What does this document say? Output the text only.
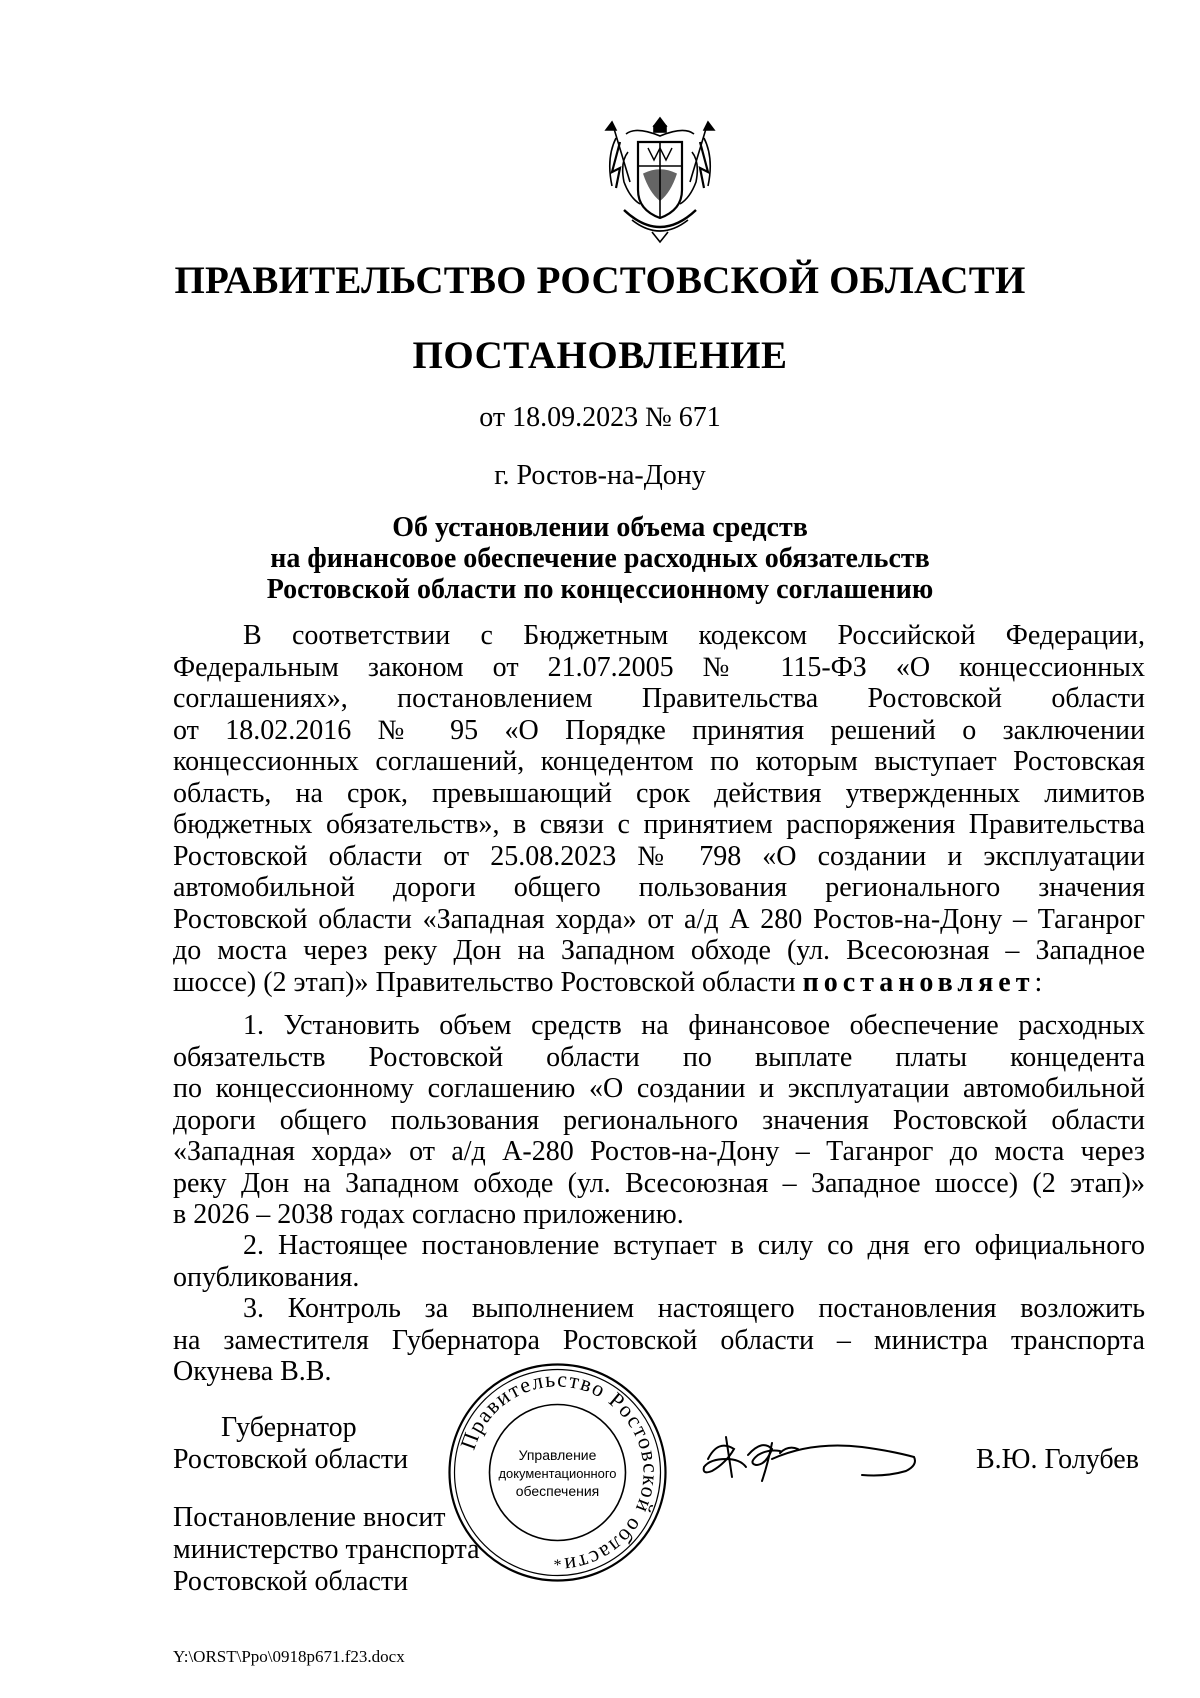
ПРАВИТЕЛЬСТВО РОСТОВСКОЙ ОБЛАСТИ
ПОСТАНОВЛЕНИЕ
от 18.09.2023 № 671
г. Ростов-на-Дону
Об установлении объема средств
на финансовое обеспечение расходных обязательств
Ростовской области по концессионному соглашению
В соответствии с Бюджетным кодексом Российской Федерации,
Федеральным законом от 21.07.2005 № 115-ФЗ «О концессионных
соглашениях», постановлением Правительства Ростовской области
от 18.02.2016 № 95 «О Порядке принятия решений о заключении
концессионных соглашений, концедентом по которым выступает Ростовская
область, на срок, превышающий срок действия утвержденных лимитов
бюджетных обязательств», в связи с принятием распоряжения Правительства
Ростовской области от 25.08.2023 № 798 «О создании и эксплуатации
автомобильной дороги общего пользования регионального значения
Ростовской области «Западная хорда» от а/д А 280 Ростов-на-Дону – Таганрог
до моста через реку Дон на Западном обходе (ул. Всесоюзная – Западное
шоссе) (2 этап)» Правительство Ростовской области постановляет:
1. Установить объем средств на финансовое обеспечение расходных
обязательств Ростовской области по выплате платы концедента
по концессионному соглашению «О создании и эксплуатации автомобильной
дороги общего пользования регионального значения Ростовской области
«Западная хорда» от а/д А-280 Ростов-на-Дону – Таганрог до моста через
реку Дон на Западном обходе (ул. Всесоюзная – Западное шоссе) (2 этап)»
в 2026 – 2038 годах согласно приложению.
2. Настоящее постановление вступает в силу со дня его официального
опубликования.
3. Контроль за выполнением настоящего постановления возложить
на заместителя Губернатора Ростовской области – министра транспорта
Окунева В.В.
Губернатор
Ростовской области	В.Ю. Голубев
Постановление вносит
министерство транспорта
Ростовской области
Правительство Ростовской области
Управление
документационного
обеспечения
*
Y:\ORST\Ppo\0918p671.f23.docx
